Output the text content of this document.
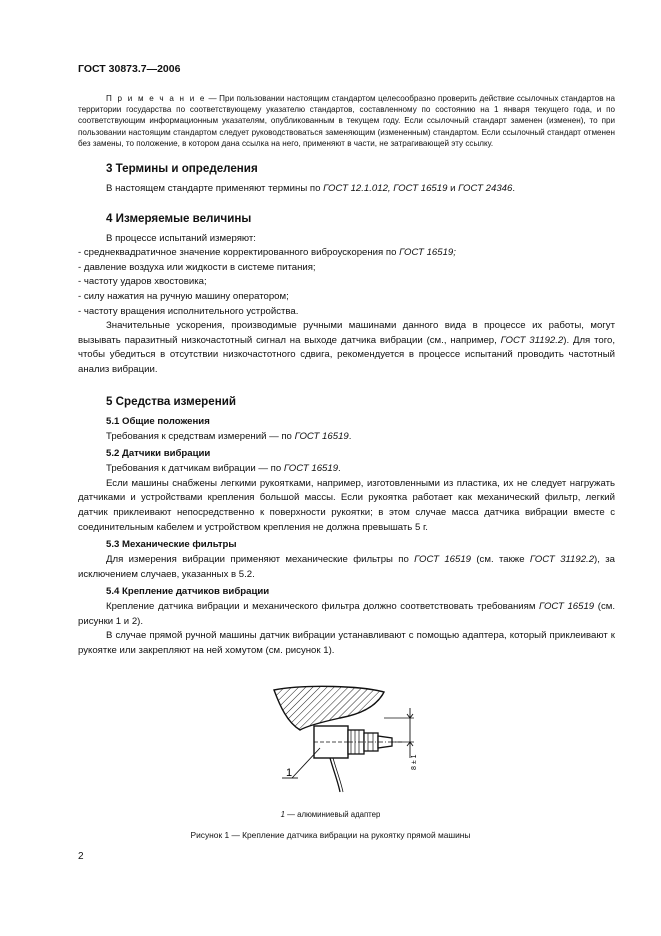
ГОСТ 30873.7—2006
П р и м е ч а н и е — При пользовании настоящим стандартом целесообразно проверить действие ссылочных стандартов на территории государства по соответствующему указателю стандартов, составленному по состоянию на 1 января текущего года, и по соответствующим информационным указателям, опубликованным в текущем году. Если ссылочный стандарт заменен (изменен), то при пользовании настоящим стандартом следует руководствоваться заменяющим (измененным) стандартом. Если ссылочный стандарт отменен без замены, то положение, в котором дана ссылка на него, применяют в части, не затрагивающей эту ссылку.
3 Термины и определения

В настоящем стандарте применяют термины по ГОСТ 12.1.012, ГОСТ 16519 и ГОСТ 24346.

4 Измеряемые величины

В процессе испытаний измеряют:

- среднеквадратичное значение корректированного виброускорения по ГОСТ 16519;

- давление воздуха или жидкости в системе питания;

- частоту ударов хвостовика;

- силу нажатия на ручную машину оператором;

- частоту вращения исполнительного устройства.

Значительные ускорения, производимые ручными машинами данного вида в процессе их работы, могут вызывать паразитный низкочастотный сигнал на выходе датчика вибрации (см., например, ГОСТ 31192.2). Для того, чтобы убедиться в отсутствии низкочастотного сдвига, рекомендуется в процессе испытаний проводить частотный анализ вибрации.

5 Средства измерений
5.1 Общие положения

Требования к средствам измерений — по ГОСТ 16519.

5.2 Датчики вибрации

Требования к датчикам вибрации — по ГОСТ 16519.

Если машины снабжены легкими рукоятками, например, изготовленными из пластика, их не следует нагружать датчиками и устройствами крепления большой массы. Если рукоятка работает как механический фильтр, легкий датчик приклеивают непосредственно к поверхности рукоятки; в этом случае масса датчика вибрации вместе с соединительным кабелем и устройством крепления не должна превышать 5 г.

5.3 Механические фильтры

Для измерения вибрации применяют механические фильтры по ГОСТ 16519 (см. также ГОСТ 31192.2), за исключением случаев, указанных в 5.2.

5.4 Крепление датчиков вибрации

Крепление датчика вибрации и механического фильтра должно соответствовать требованиям ГОСТ 16519 (см. рисунки 1 и 2).

В случае прямой ручной машины датчик вибрации устанавливают с помощью адаптера, который приклеивают к рукоятке или закрепляют на ней хомутом (см. рисунок 1).

8 ± 1
1
1 — алюминиевый адаптер
Рисунок 1 — Крепление датчика вибрации на рукоятку прямой машины
2
